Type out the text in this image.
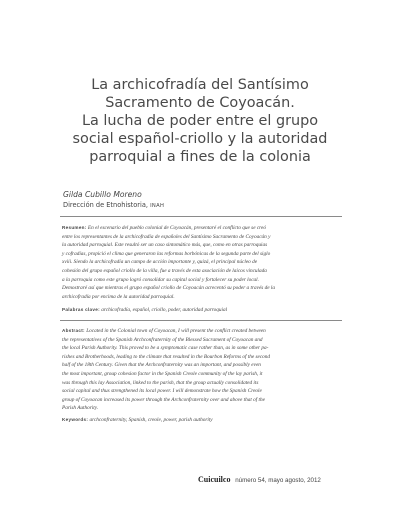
La archicofradía del Santísimo
Sacramento de Coyoacán.
La lucha de poder entre el grupo
social español-criollo y la autoridad
parroquial a fines de la colonia
Gilda Cubillo Moreno
Dirección de Etnohistoria, INAH
Resumen: En el escenario del pueblo colonial de Coyoacán, presentaré el conflicto que se creó
entre los representantes de la archicofradía de españoles del Santísimo Sacramento de Coyoacán y
la autoridad parroquial. Este resultó ser un caso sintomático más, que, como en otras parroquias
y cofradías, propició el clima que generaron las reformas borbónicas de la segunda parte del siglo
xviii. Siendo la archicofradía un campo de acción importante y, quizá, el principal núcleo de
cohesión del grupo español criollo de la villa, fue a través de esta asociación de laicos vinculada
a la parroquia como este grupo logró consolidar su capital social y fortalecer su poder local.
Demostraré así que mientras el grupo español criollo de Coyoacán acrecentó su poder a través de la
archicofradía por encima de la autoridad parroquial.
Palabras clave: archicofradía, español, criollo, poder, autoridad parroquial
Abstract: Located in the Colonial town of Coyoacan, I will present the conflict created between
the representatives of the Spanish Archconfraternity of the Blessed Sacrament of Coyoacan and
the local Parish Authority. This proved to be a symptomatic case rather than, as in some other pa-
rishes and Brotherhoods, leading to the climate that resulted in the Bourbon Reforms of the second
half of the 18th Century. Given that the Archconfraternity was an important, and possibly even
the most important, group cohesion factor in the Spanish Creole community of the lay parish, it
was through this lay Association, linked to the parish, that the group actually consolidated its
social capital and thus strengthened its local power. I will demonstrate how the Spanish Creole
group of Coyoacan increased its power through the Archconfraternity over and above that of the
Parish Authority.
Keywords: archconfraternity, Spanish, creole, power, parish authority
Cuicuilco número 54, mayo agosto, 2012
